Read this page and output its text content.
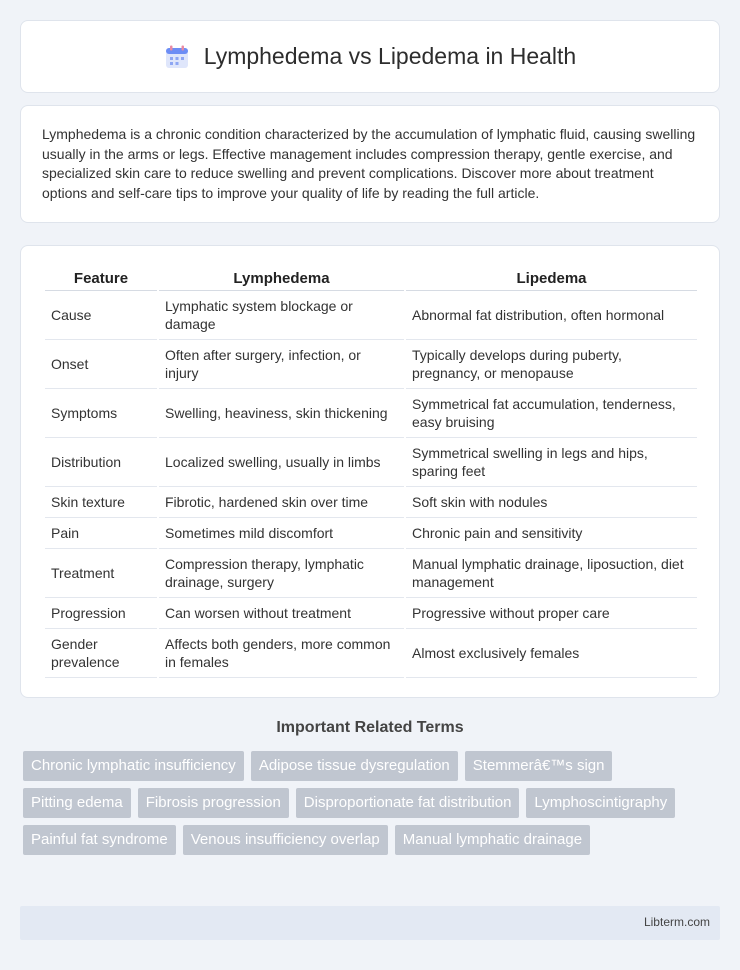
Lymphedema vs Lipedema in Health

Lymphedema is a chronic condition characterized by the accumulation of lymphatic fluid, causing swelling usually in the arms or legs. Effective management includes compression therapy, gentle exercise, and specialized skin care to reduce swelling and prevent complications. Discover more about treatment options and self-care tips to improve your quality of life by reading the full article.

Feature	Lymphedema	Lipedema
Cause	Lymphatic system blockage or damage	Abnormal fat distribution, often hormonal
Onset	Often after surgery, infection, or injury	Typically develops during puberty, pregnancy, or menopause
Symptoms	Swelling, heaviness, skin thickening	Symmetrical fat accumulation, tenderness, easy bruising
Distribution	Localized swelling, usually in limbs	Symmetrical swelling in legs and hips, sparing feet
Skin texture	Fibrotic, hardened skin over time	Soft skin with nodules
Pain	Sometimes mild discomfort	Chronic pain and sensitivity
Treatment	Compression therapy, lymphatic drainage, surgery	Manual lymphatic drainage, liposuction, diet management
Progression	Can worsen without treatment	Progressive without proper care
Gender prevalence	Affects both genders, more common in females	Almost exclusively females
Important Related Terms
Chronic lymphatic insufficiency	Adipose tissue dysregulation	Stemmerâ€™s sign
Pitting edema	Fibrosis progression	Disproportionate fat distribution	Lymphoscintigraphy
Painful fat syndrome	Venous insufficiency overlap	Manual lymphatic drainage
Libterm.com
